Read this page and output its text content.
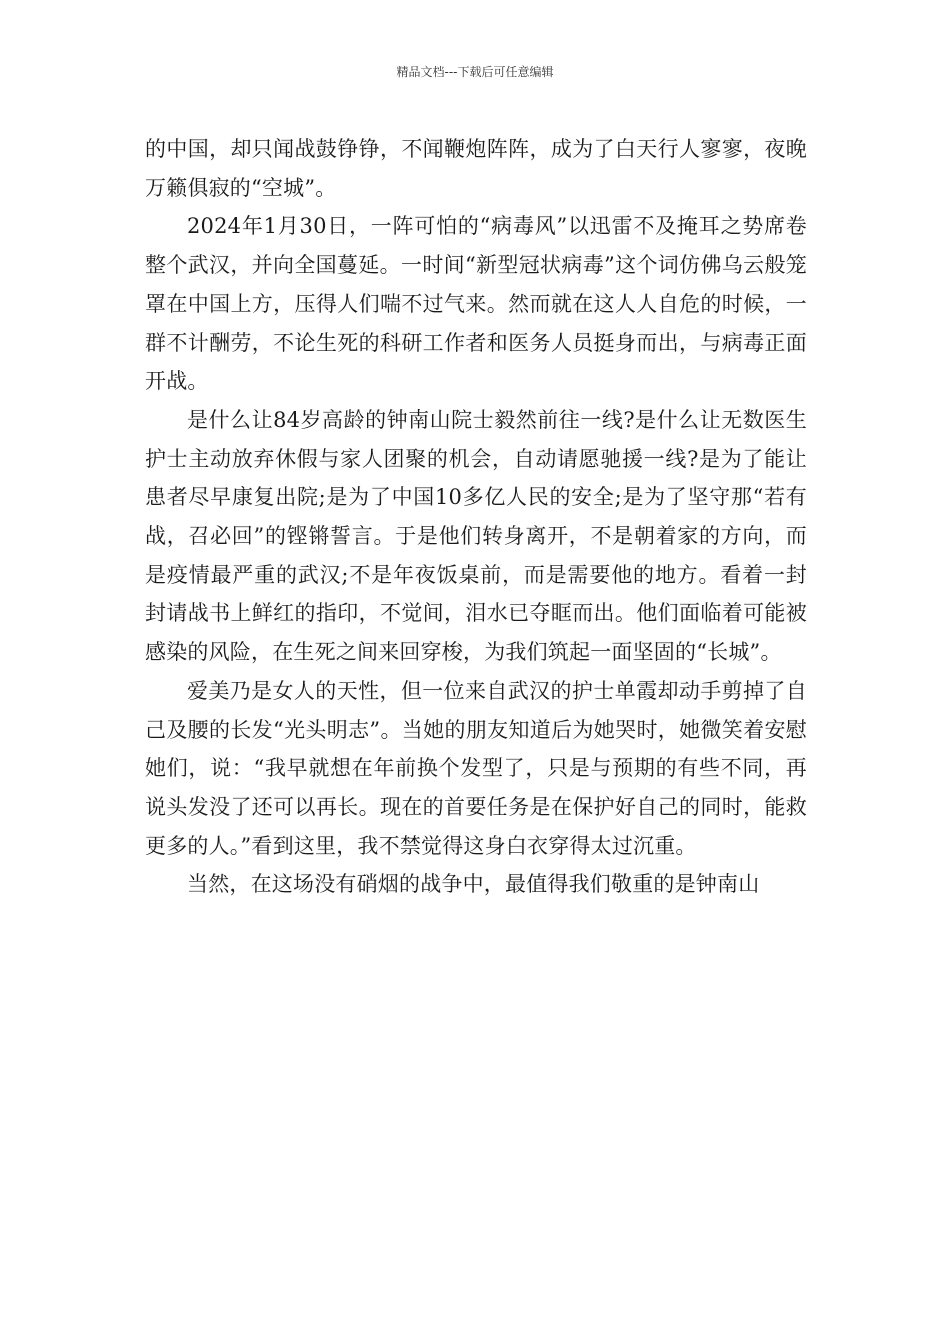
精品文档---下载后可任意编辑

的中国，却只闻战鼓铮铮，不闻鞭炮阵阵，成为了白天行人寥寥，夜晚万籁俱寂的“空城”。

2024年1月30日，一阵可怕的“病毒风”以迅雷不及掩耳之势席卷整个武汉，并向全国蔓延。一时间“新型冠状病毒”这个词仿佛乌云般笼罩在中国上方，压得人们喘不过气来。然而就在这人人自危的时候，一群不计酬劳，不论生死的科研工作者和医务人员挺身而出，与病毒正面开战。

是什么让84岁高龄的钟南山院士毅然前往一线?是什么让无数医生护士主动放弃休假与家人团聚的机会，自动请愿驰援一线?是为了能让患者尽早康复出院;是为了中国10多亿人民的安全;是为了坚守那“若有战，召必回”的铿锵誓言。于是他们转身离开，不是朝着家的方向，而是疫情最严重的武汉;不是年夜饭桌前，而是需要他的地方。看着一封封请战书上鲜红的指印，不觉间，泪水已夺眶而出。他们面临着可能被感染的风险，在生死之间来回穿梭，为我们筑起一面坚固的“长城”。

爱美乃是女人的天性，但一位来自武汉的护士单霞却动手剪掉了自己及腰的长发“光头明志”。当她的朋友知道后为她哭时，她微笑着安慰她们，说：“我早就想在年前换个发型了，只是与预期的有些不同，再说头发没了还可以再长。现在的首要任务是在保护好自己的同时，能救更多的人。”看到这里，我不禁觉得这身白衣穿得太过沉重。

当然，在这场没有硝烟的战争中，最值得我们敬重的是钟南山
